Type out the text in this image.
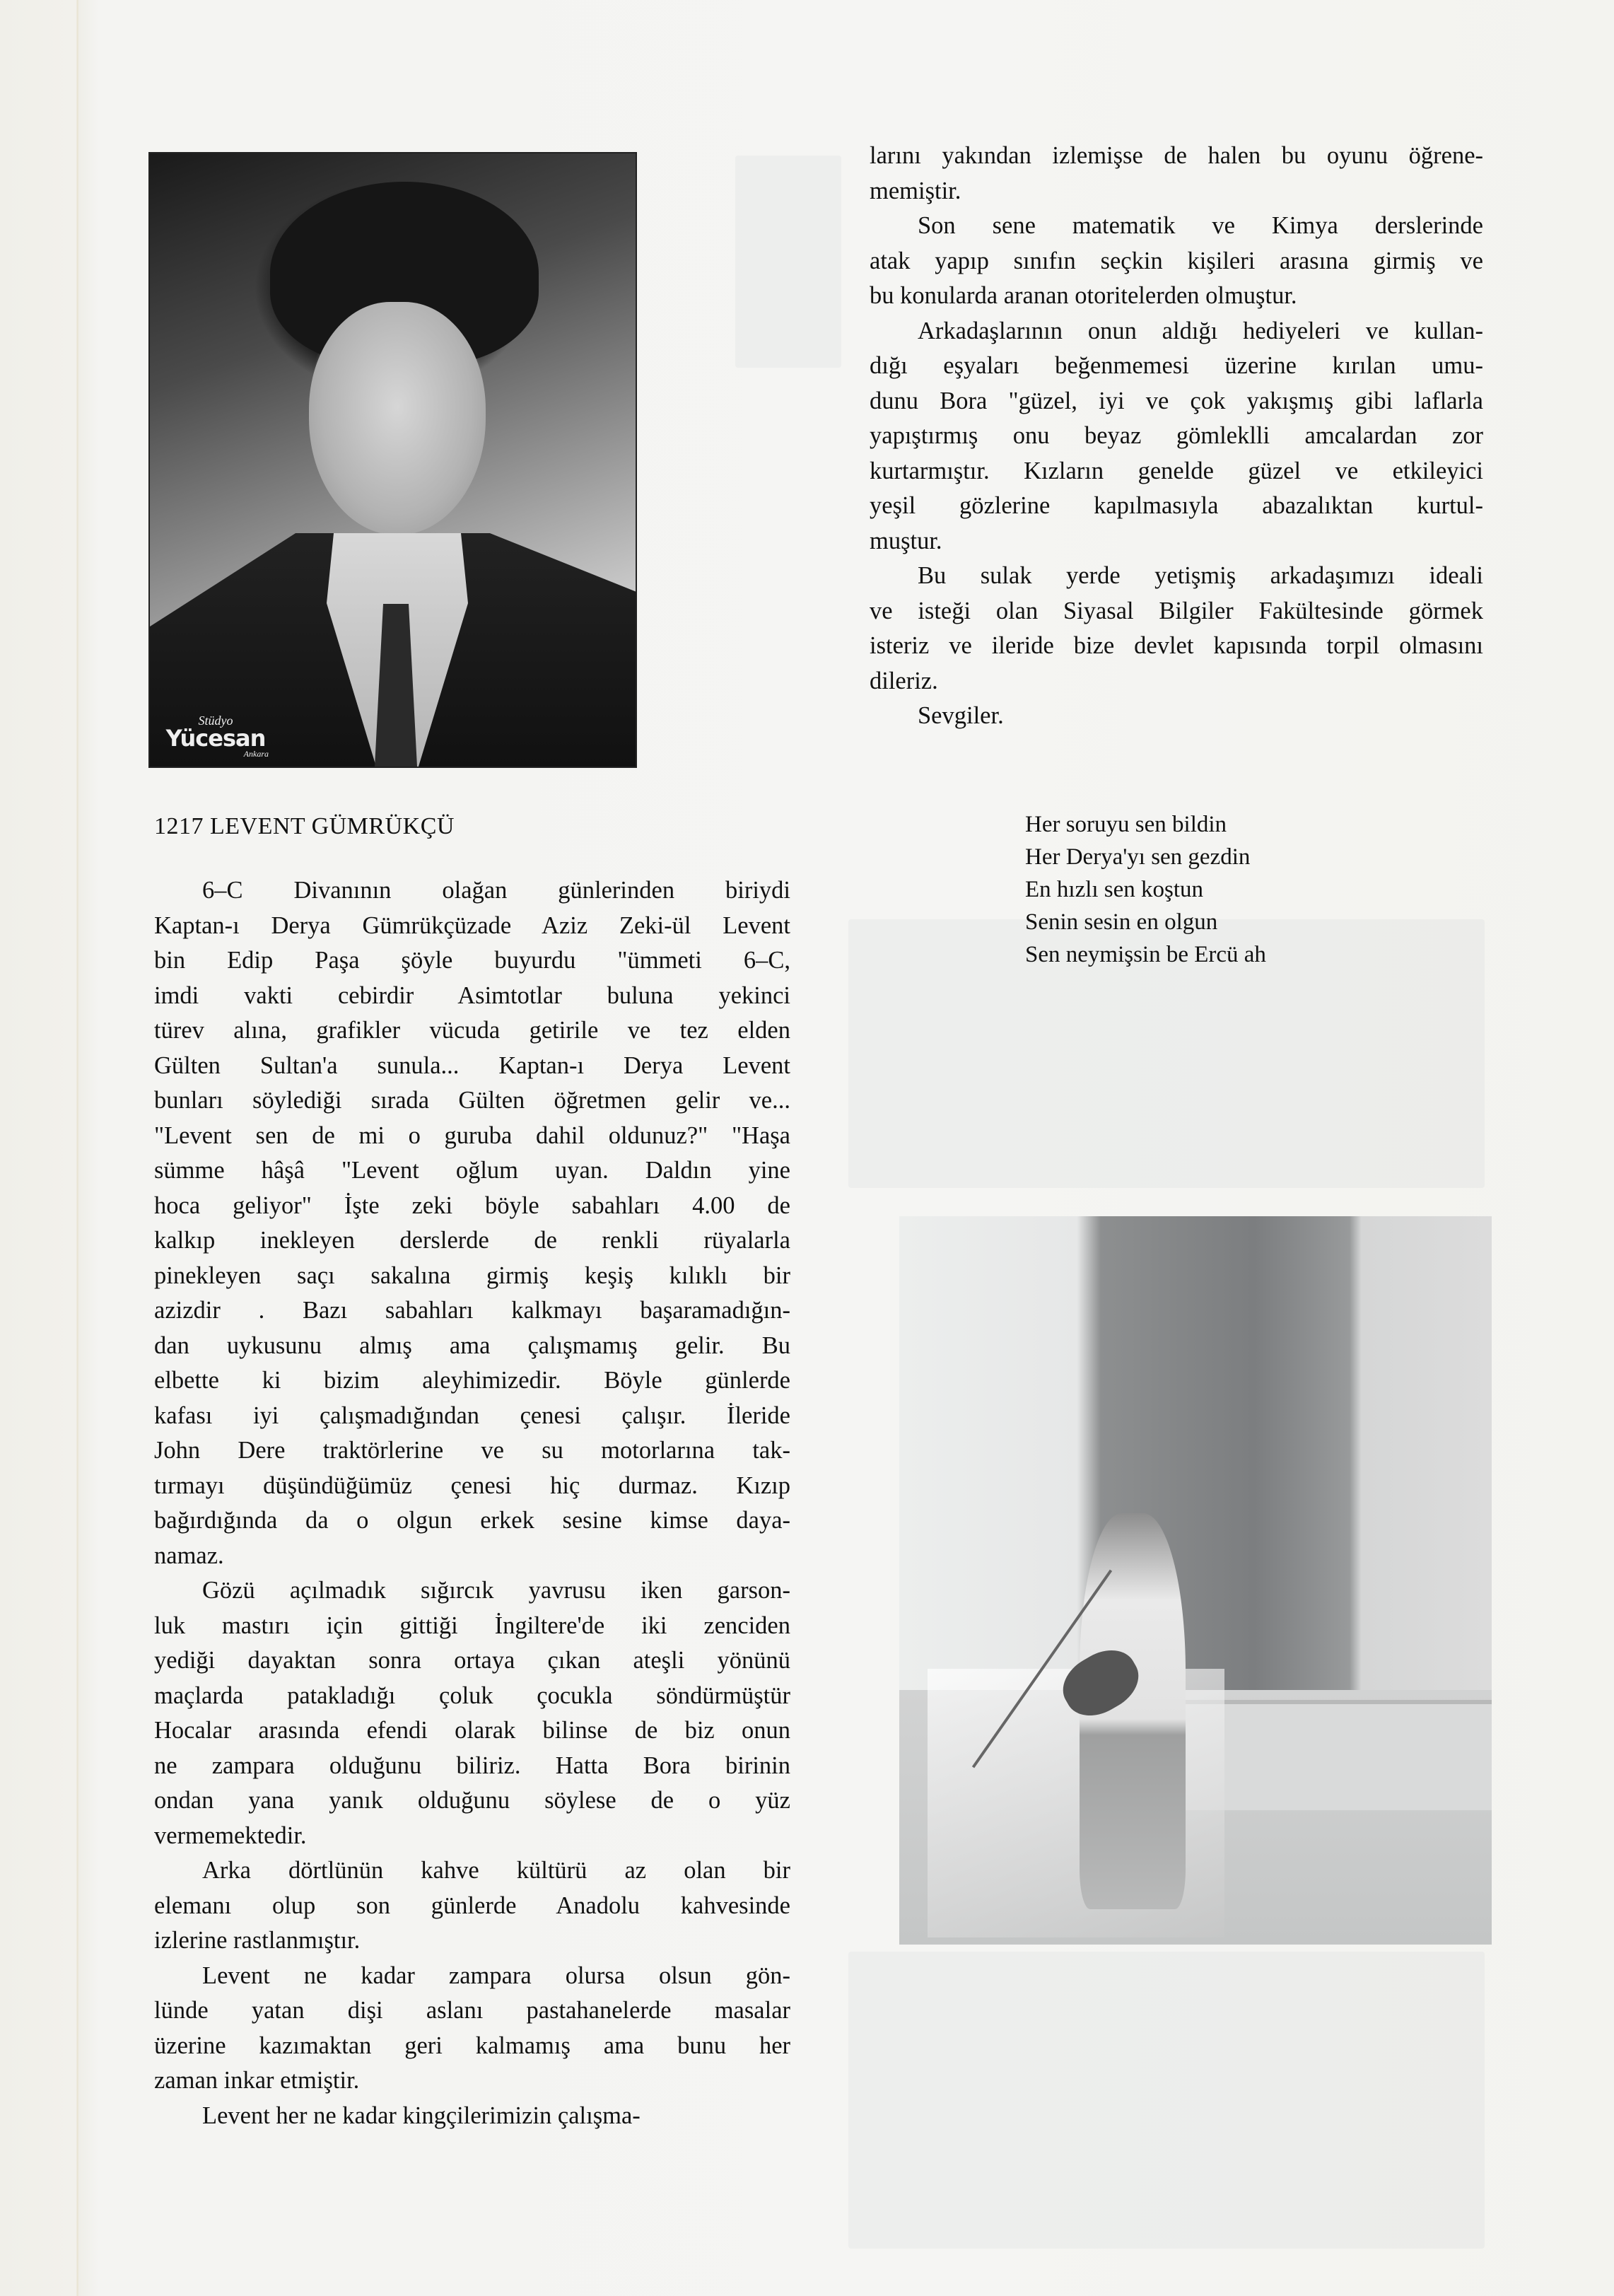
Stüdyo
Yücesan
Ankara

larını yakından izlemişse de halen bu oyunu öğrene-
memiştir.

Son sene matematik ve Kimya derslerinde
atak yapıp sınıfın seçkin kişileri arasına girmiş ve
bu konularda aranan otoritelerden olmuştur.

Arkadaşlarının onun aldığı hediyeleri ve kullan-
dığı eşyaları beğenmemesi üzerine kırılan umu-
dunu Bora "güzel, iyi ve çok yakışmış gibi laflarla
yapıştırmış onu beyaz gömleklli amcalardan zor
kurtarmıştır. Kızların genelde güzel ve etkileyici
yeşil gözlerine kapılmasıyla abazalıktan kurtul-
muştur.

Bu sulak yerde yetişmiş arkadaşımızı ideali
ve isteği olan Siyasal Bilgiler Fakültesinde görmek
isteriz ve ileride bize devlet kapısında torpil olmasını
dileriz.

Sevgiler.

1217 LEVENT GÜMRÜKÇÜ	Her soruyu sen bildin
Her Derya'yı sen gezdin
En hızlı sen koştun
Senin sesin en olgun
Sen neymişsin be Ercü ah

6–C Divanının olağan günlerinden biriydi
Kaptan-ı Derya Gümrükçüzade Aziz Zeki-ül Levent
bin Edip Paşa şöyle buyurdu "ümmeti 6–C,
imdi vakti cebirdir Asimtotlar buluna yekinci
türev alına, grafikler vücuda getirile ve tez elden
Gülten Sultan'a sunula... Kaptan-ı Derya Levent
bunları söylediği sırada Gülten öğretmen gelir ve...
"Levent sen de mi o guruba dahil oldunuz?" "Haşa
sümme hâşâ "Levent oğlum uyan. Daldın yine
hoca geliyor" İşte zeki böyle sabahları 4.00 de
kalkıp inekleyen derslerde de renkli rüyalarla
pinekleyen saçı sakalına girmiş keşiş kılıklı bir
azizdir . Bazı sabahları kalkmayı başaramadığın-
dan uykusunu almış ama çalışmamış gelir. Bu
elbette ki bizim aleyhimizedir. Böyle günlerde
kafası iyi çalışmadığından çenesi çalışır. İleride
John Dere traktörlerine ve su motorlarına tak-
tırmayı düşündüğümüz çenesi hiç durmaz. Kızıp
bağırdığında da o olgun erkek sesine kimse daya-
namaz.

Gözü açılmadık sığırcık yavrusu iken garson-
luk mastırı için gittiği İngiltere'de iki zenciden
yediği dayaktan sonra ortaya çıkan ateşli yönünü
maçlarda patakladığı çoluk çocukla söndürmüştür
Hocalar arasında efendi olarak bilinse de biz onun
ne zampara olduğunu biliriz. Hatta Bora birinin
ondan yana yanık olduğunu söylese de o yüz
vermemektedir.

Arka dörtlünün kahve kültürü az olan bir
elemanı olup son günlerde Anadolu kahvesinde
izlerine rastlanmıştır.

Levent ne kadar zampara olursa olsun gön-
lünde yatan dişi aslanı pastahanelerde masalar
üzerine kazımaktan geri kalmamış ama bunu her
zaman inkar etmiştir.

Levent her ne kadar kingçilerimizin çalışma-
